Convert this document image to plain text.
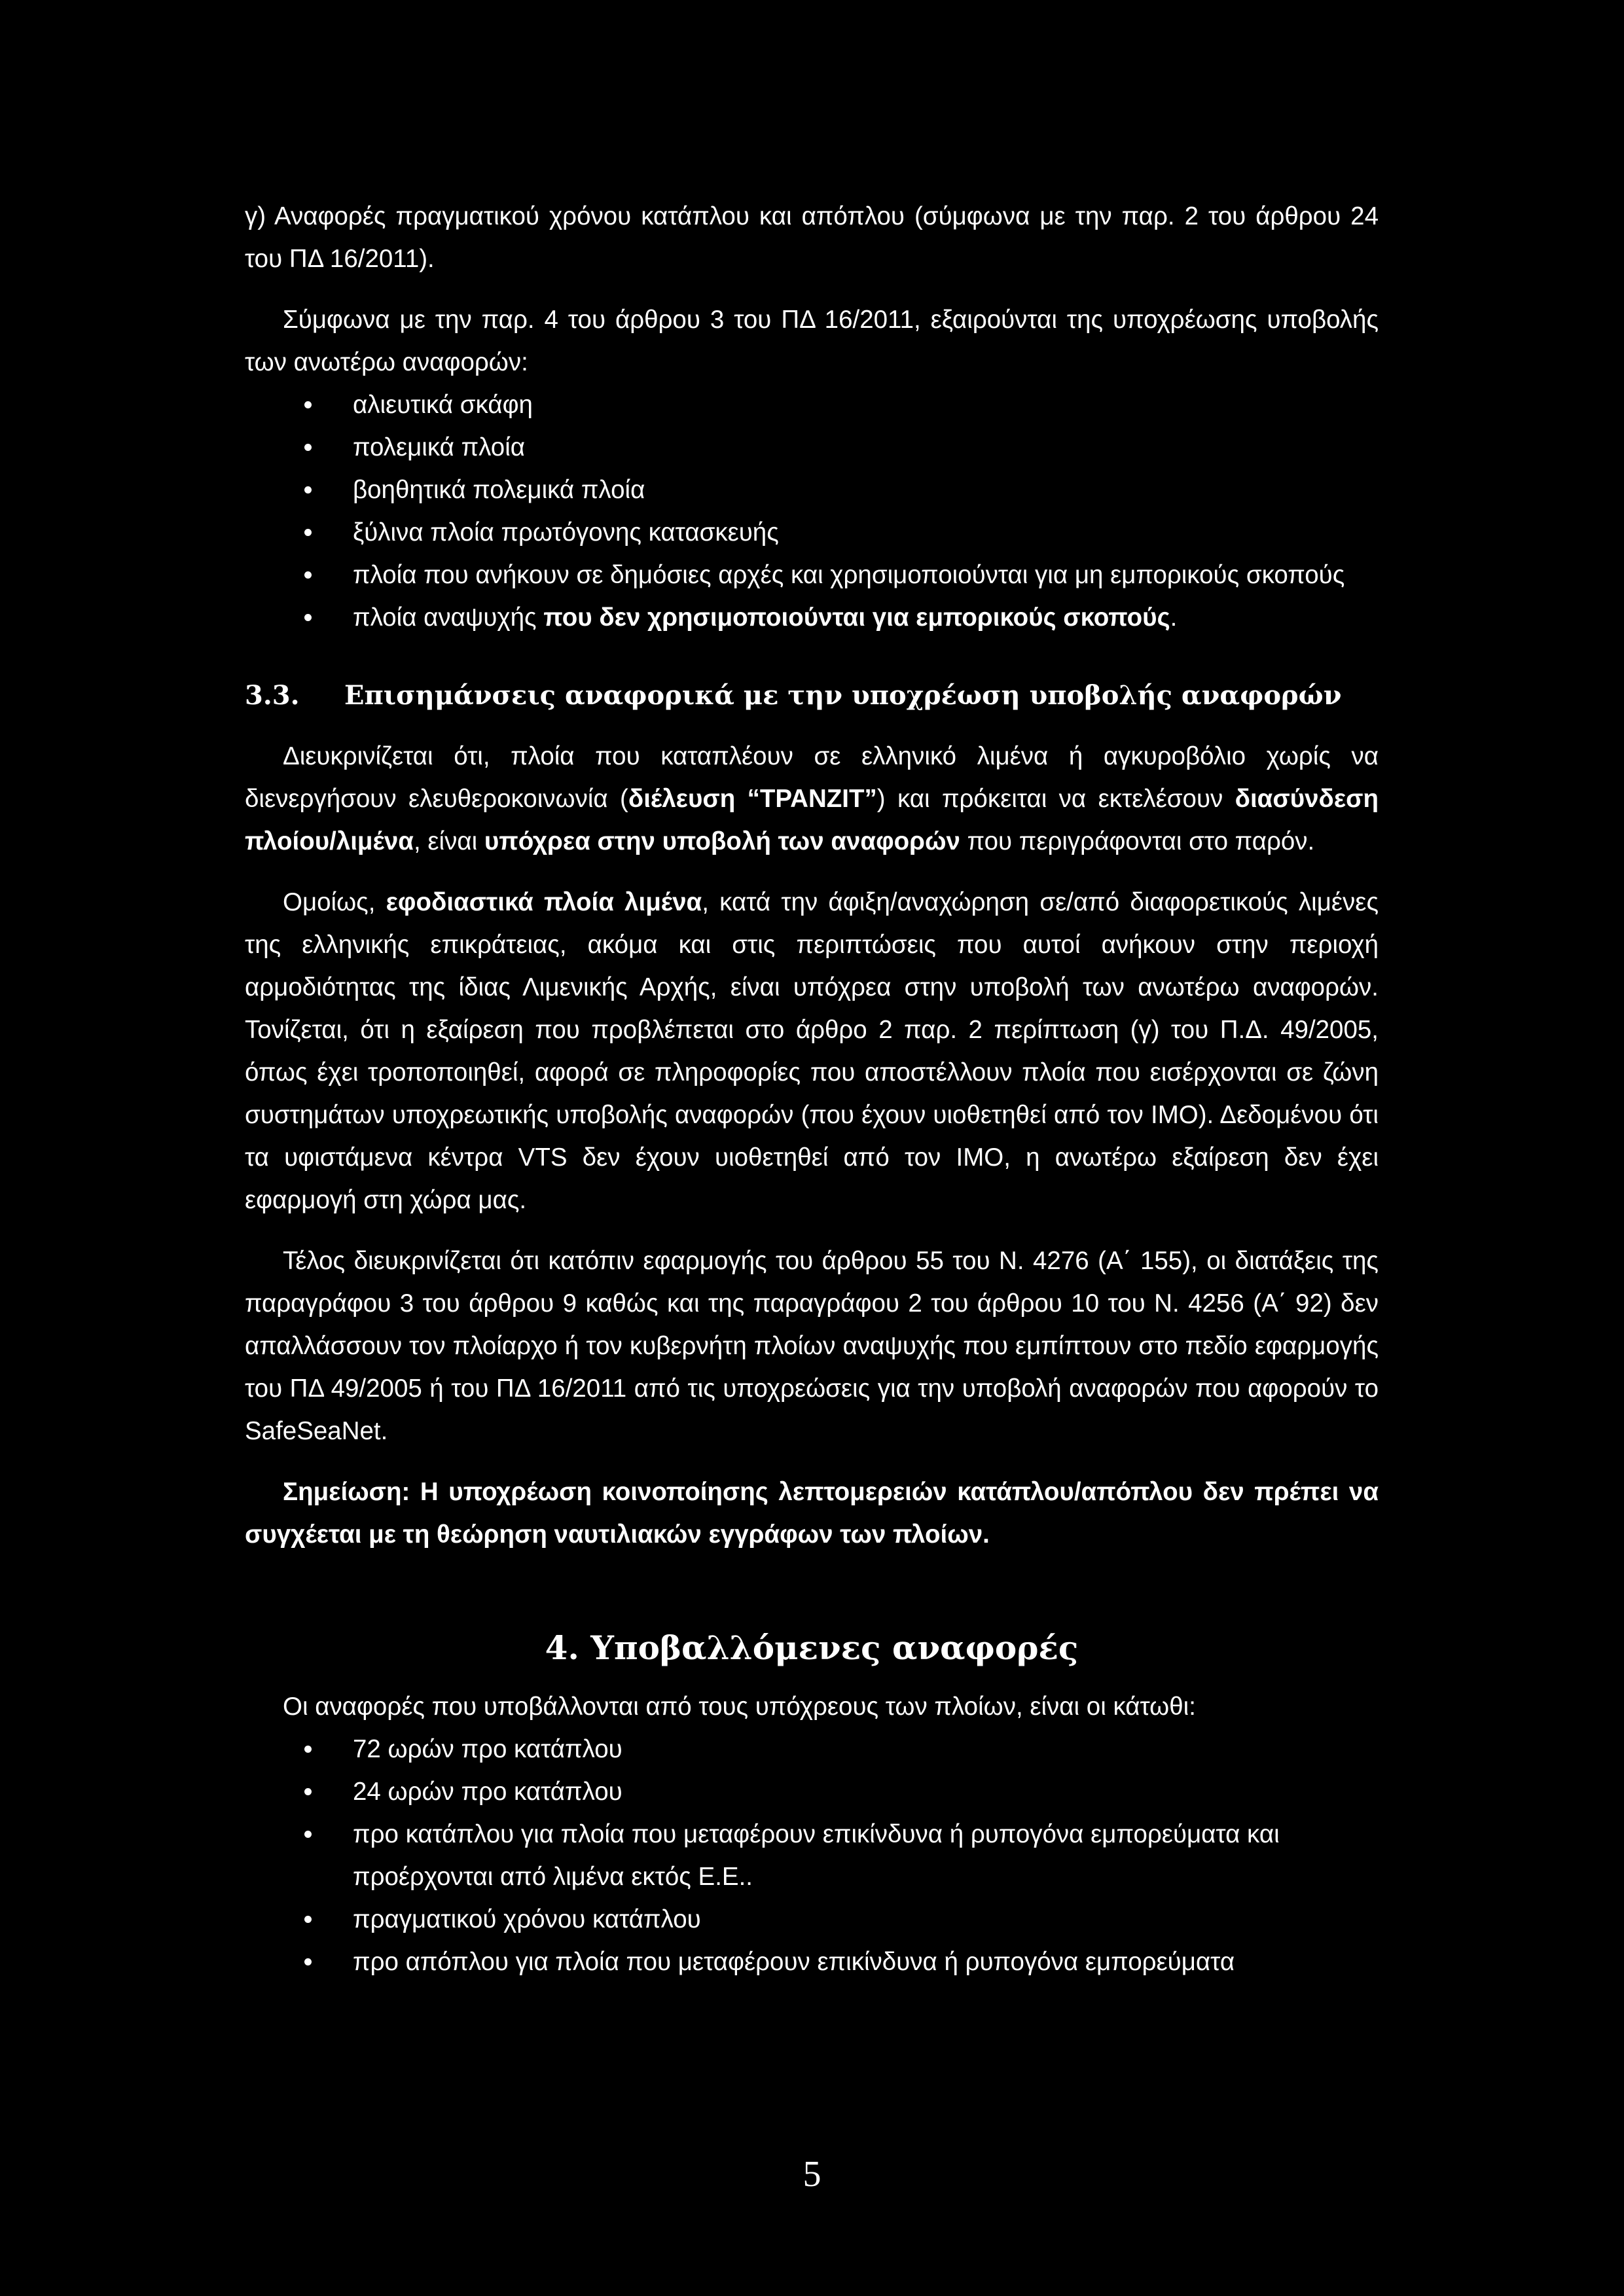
γ) Αναφορές πραγματικού χρόνου κατάπλου και απόπλου (σύμφωνα με την παρ. 2 του άρθρου 24 του ΠΔ 16/2011).

Σύμφωνα με την παρ. 4 του άρθρου 3 του ΠΔ 16/2011, εξαιρούνται της υποχρέωσης υποβολής των ανωτέρω αναφορών:

αλιευτικά σκάφη
πολεμικά πλοία
βοηθητικά πολεμικά πλοία
ξύλινα πλοία πρωτόγονης κατασκευής
πλοία που ανήκουν σε δημόσιες αρχές και χρησιμοποιούνται για μη εμπορικούς σκοπούς
πλοία αναψυχής που δεν χρησιμοποιούνται για εμπορικούς σκοπούς.
3.3. Επισημάνσεις αναφορικά με την υποχρέωση υποβολής αναφορών

Διευκρινίζεται ότι, πλοία που καταπλέουν σε ελληνικό λιμένα ή αγκυροβόλιο χωρίς να διενεργήσουν ελευθεροκοινωνία (διέλευση “ΤΡΑΝΖΙΤ”) και πρόκειται να εκτελέσουν διασύνδεση πλοίου/λιμένα, είναι υπόχρεα στην υποβολή των αναφορών που περιγράφονται στο παρόν.

Ομοίως, εφοδιαστικά πλοία λιμένα, κατά την άφιξη/αναχώρηση σε/από διαφορετικούς λιμένες της ελληνικής επικράτειας, ακόμα και στις περιπτώσεις που αυτοί ανήκουν στην περιοχή αρμοδιότητας της ίδιας Λιμενικής Αρχής, είναι υπόχρεα στην υποβολή των ανωτέρω αναφορών. Τονίζεται, ότι η εξαίρεση που προβλέπεται στο άρθρο 2 παρ. 2 περίπτωση (γ) του Π.Δ. 49/2005, όπως έχει τροποποιηθεί, αφορά σε πληροφορίες που αποστέλλουν πλοία που εισέρχονται σε ζώνη συστημάτων υποχρεωτικής υποβολής αναφορών (που έχουν υιοθετηθεί από τον IMO). Δεδομένου ότι τα υφιστάμενα κέντρα VTS δεν έχουν υιοθετηθεί από τον IMO, η ανωτέρω εξαίρεση δεν έχει εφαρμογή στη χώρα μας.

Τέλος διευκρινίζεται ότι κατόπιν εφαρμογής του άρθρου 55 του Ν. 4276 (Α΄ 155), οι διατάξεις της παραγράφου 3 του άρθρου 9 καθώς και της παραγράφου 2 του άρθρου 10 του Ν. 4256 (Α΄ 92) δεν απαλλάσσουν τον πλοίαρχο ή τον κυβερνήτη πλοίων αναψυχής που εμπίπτουν στο πεδίο εφαρμογής του ΠΔ 49/2005 ή του ΠΔ 16/2011 από τις υποχρεώσεις για την υποβολή αναφορών που αφορούν το SafeSeaNet.

Σημείωση: Η υποχρέωση κοινοποίησης λεπτομερειών κατάπλου/απόπλου δεν πρέπει να συγχέεται με τη θεώρηση ναυτιλιακών εγγράφων των πλοίων.

4. Υποβαλλόμενες αναφορές

Οι αναφορές που υποβάλλονται από τους υπόχρεους των πλοίων, είναι οι κάτωθι:

72 ωρών προ κατάπλου
24 ωρών προ κατάπλου
προ κατάπλου για πλοία που μεταφέρουν επικίνδυνα ή ρυπογόνα εμπορεύματα και προέρχονται από λιμένα εκτός Ε.Ε..
πραγματικού χρόνου κατάπλου
προ απόπλου για πλοία που μεταφέρουν επικίνδυνα ή ρυπογόνα εμπορεύματα
5
